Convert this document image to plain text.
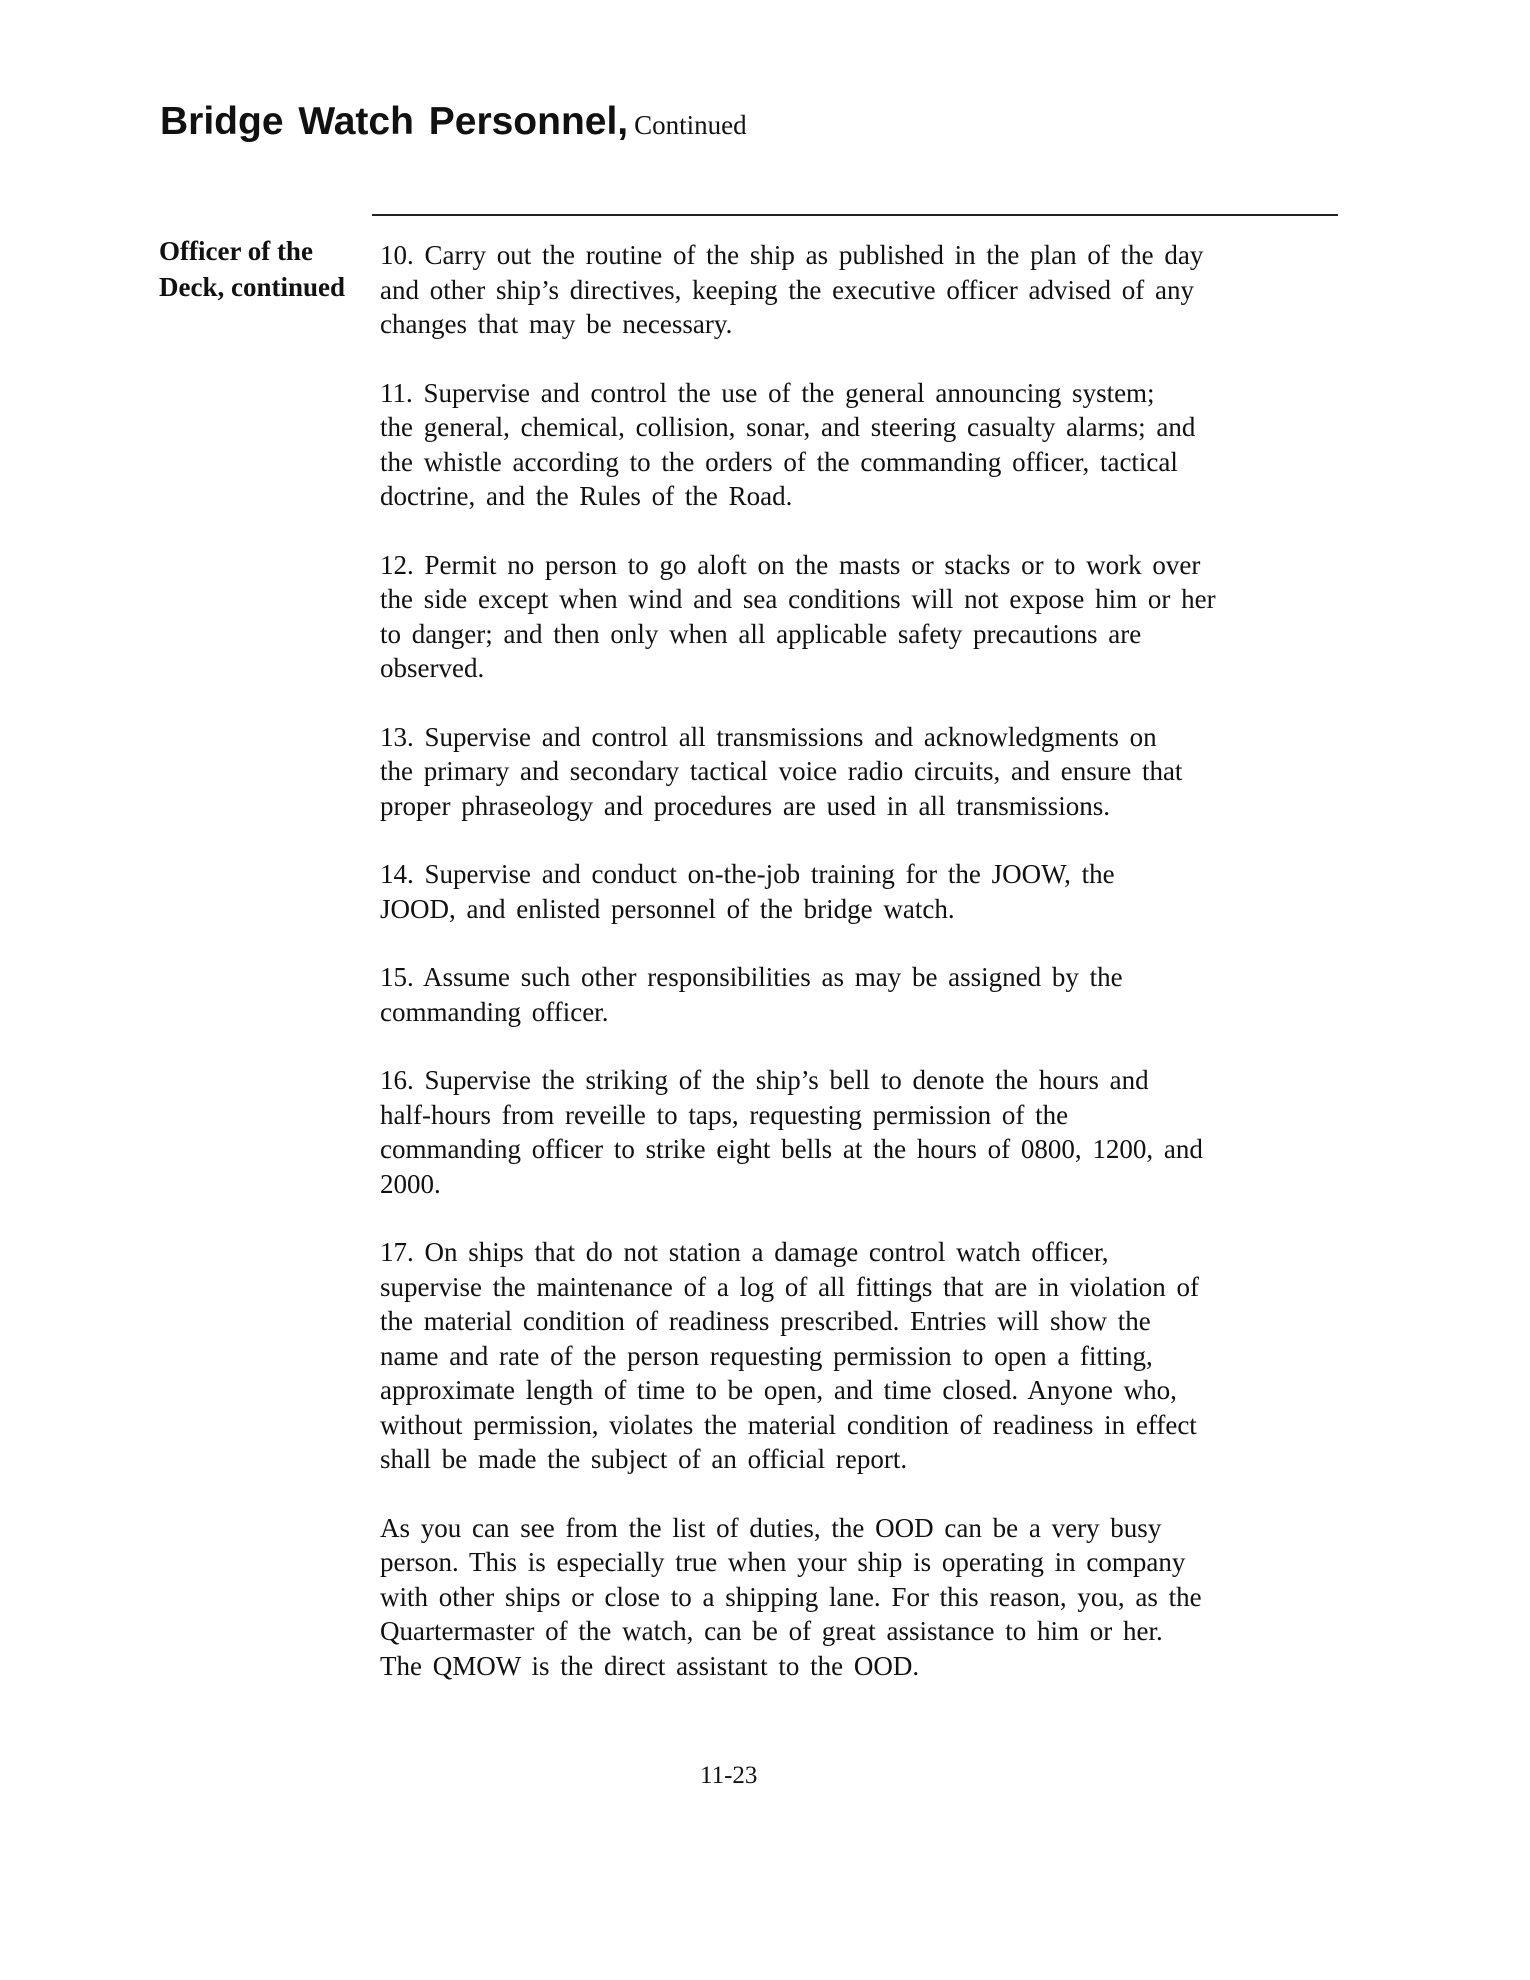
Bridge Watch Personnel, Continued
Officer of the
Deck, continued
10. Carry out the routine of the ship as published in the plan of the day
and other ship’s directives, keeping the executive officer advised of any
changes that may be necessary.
11. Supervise and control the use of the general announcing system;
the general, chemical, collision, sonar, and steering casualty alarms; and
the whistle according to the orders of the commanding officer, tactical
doctrine, and the Rules of the Road.
12. Permit no person to go aloft on the masts or stacks or to work over
the side except when wind and sea conditions will not expose him or her
to danger; and then only when all applicable safety precautions are
observed.
13. Supervise and control all transmissions and acknowledgments on
the primary and secondary tactical voice radio circuits, and ensure that
proper phraseology and procedures are used in all transmissions.
14. Supervise and conduct on-the-job training for the JOOW, the
JOOD, and enlisted personnel of the bridge watch.
15. Assume such other responsibilities as may be assigned by the
commanding officer.
16. Supervise the striking of the ship’s bell to denote the hours and
half-hours from reveille to taps, requesting permission of the
commanding officer to strike eight bells at the hours of 0800, 1200, and
2000.
17. On ships that do not station a damage control watch officer,
supervise the maintenance of a log of all fittings that are in violation of
the material condition of readiness prescribed. Entries will show the
name and rate of the person requesting permission to open a fitting,
approximate length of time to be open, and time closed. Anyone who,
without permission, violates the material condition of readiness in effect
shall be made the subject of an official report.
As you can see from the list of duties, the OOD can be a very busy
person. This is especially true when your ship is operating in company
with other ships or close to a shipping lane. For this reason, you, as the
Quartermaster of the watch, can be of great assistance to him or her.
The QMOW is the direct assistant to the OOD.
11-23
